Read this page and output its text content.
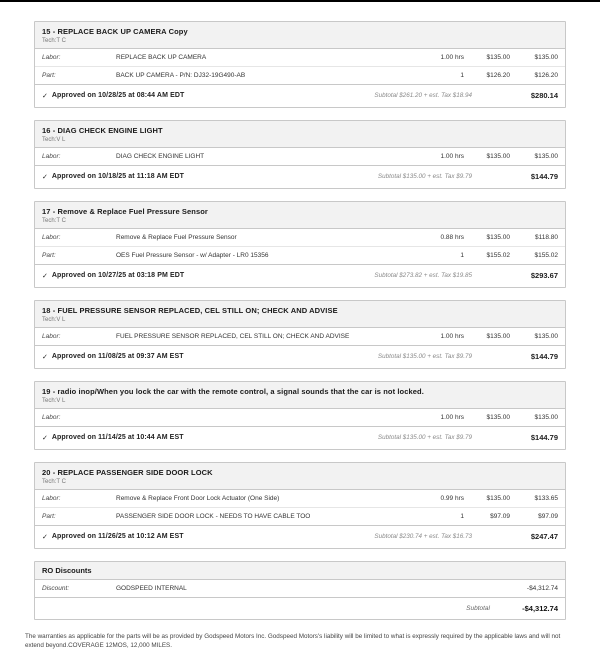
15 - REPLACE BACK UP CAMERA Copy
Tech:T C
Labor:	REPLACE BACK UP CAMERA	1.00 hrs	$135.00	$135.00
Part:	BACK UP CAMERA - P/N: DJ32-19G490-AB	1	$126.20	$126.20
✓ Approved on 10/28/25 at 08:44 AM EDT	Subtotal $261.20 + est. Tax $18.94	$280.14
16 - DIAG CHECK ENGINE LIGHT
Tech:V L
Labor:	DIAG CHECK ENGINE LIGHT	1.00 hrs	$135.00	$135.00
✓ Approved on 10/18/25 at 11:18 AM EDT	Subtotal $135.00 + est. Tax $9.79	$144.79
17 - Remove & Replace Fuel Pressure Sensor
Tech:T C
Labor:	Remove & Replace Fuel Pressure Sensor	0.88 hrs	$135.00	$118.80
Part:	OES Fuel Pressure Sensor - w/ Adapter - LR0 15356	1	$155.02	$155.02
✓ Approved on 10/27/25 at 03:18 PM EDT	Subtotal $273.82 + est. Tax $19.85	$293.67
18 - FUEL PRESSURE SENSOR REPLACED, CEL STILL ON; CHECK AND ADVISE
Tech:V L
Labor:	FUEL PRESSURE SENSOR REPLACED, CEL STILL ON; CHECK AND ADVISE	1.00 hrs	$135.00	$135.00
✓ Approved on 11/08/25 at 09:37 AM EST	Subtotal $135.00 + est. Tax $9.79	$144.79
19 - radio inop/When you lock the car with the remote control, a signal sounds that the car is not locked.
Tech:V L
Labor:	1.00 hrs	$135.00	$135.00
✓ Approved on 11/14/25 at 10:44 AM EST	Subtotal $135.00 + est. Tax $9.79	$144.79
20 - REPLACE PASSENGER SIDE DOOR LOCK
Tech:T C
Labor:	Remove & Replace Front Door Lock Actuator (One Side)	0.99 hrs	$135.00	$133.65
Part:	PASSENGER SIDE DOOR LOCK - NEEDS TO HAVE CABLE TOO	1	$97.09	$97.09
✓ Approved on 11/26/25 at 10:12 AM EST	Subtotal $230.74 + est. Tax $16.73	$247.47
RO Discounts
Discount:	GODSPEED INTERNAL	-$4,312.74
Subtotal	-$4,312.74
The warranties as applicable for the parts will be as provided by Godspeed Motors Inc. Godspeed Motors's liability will be limited to what is expressly required by the applicable laws and will not extend beyond.COVERAGE 12MOS, 12,000 MILES.
